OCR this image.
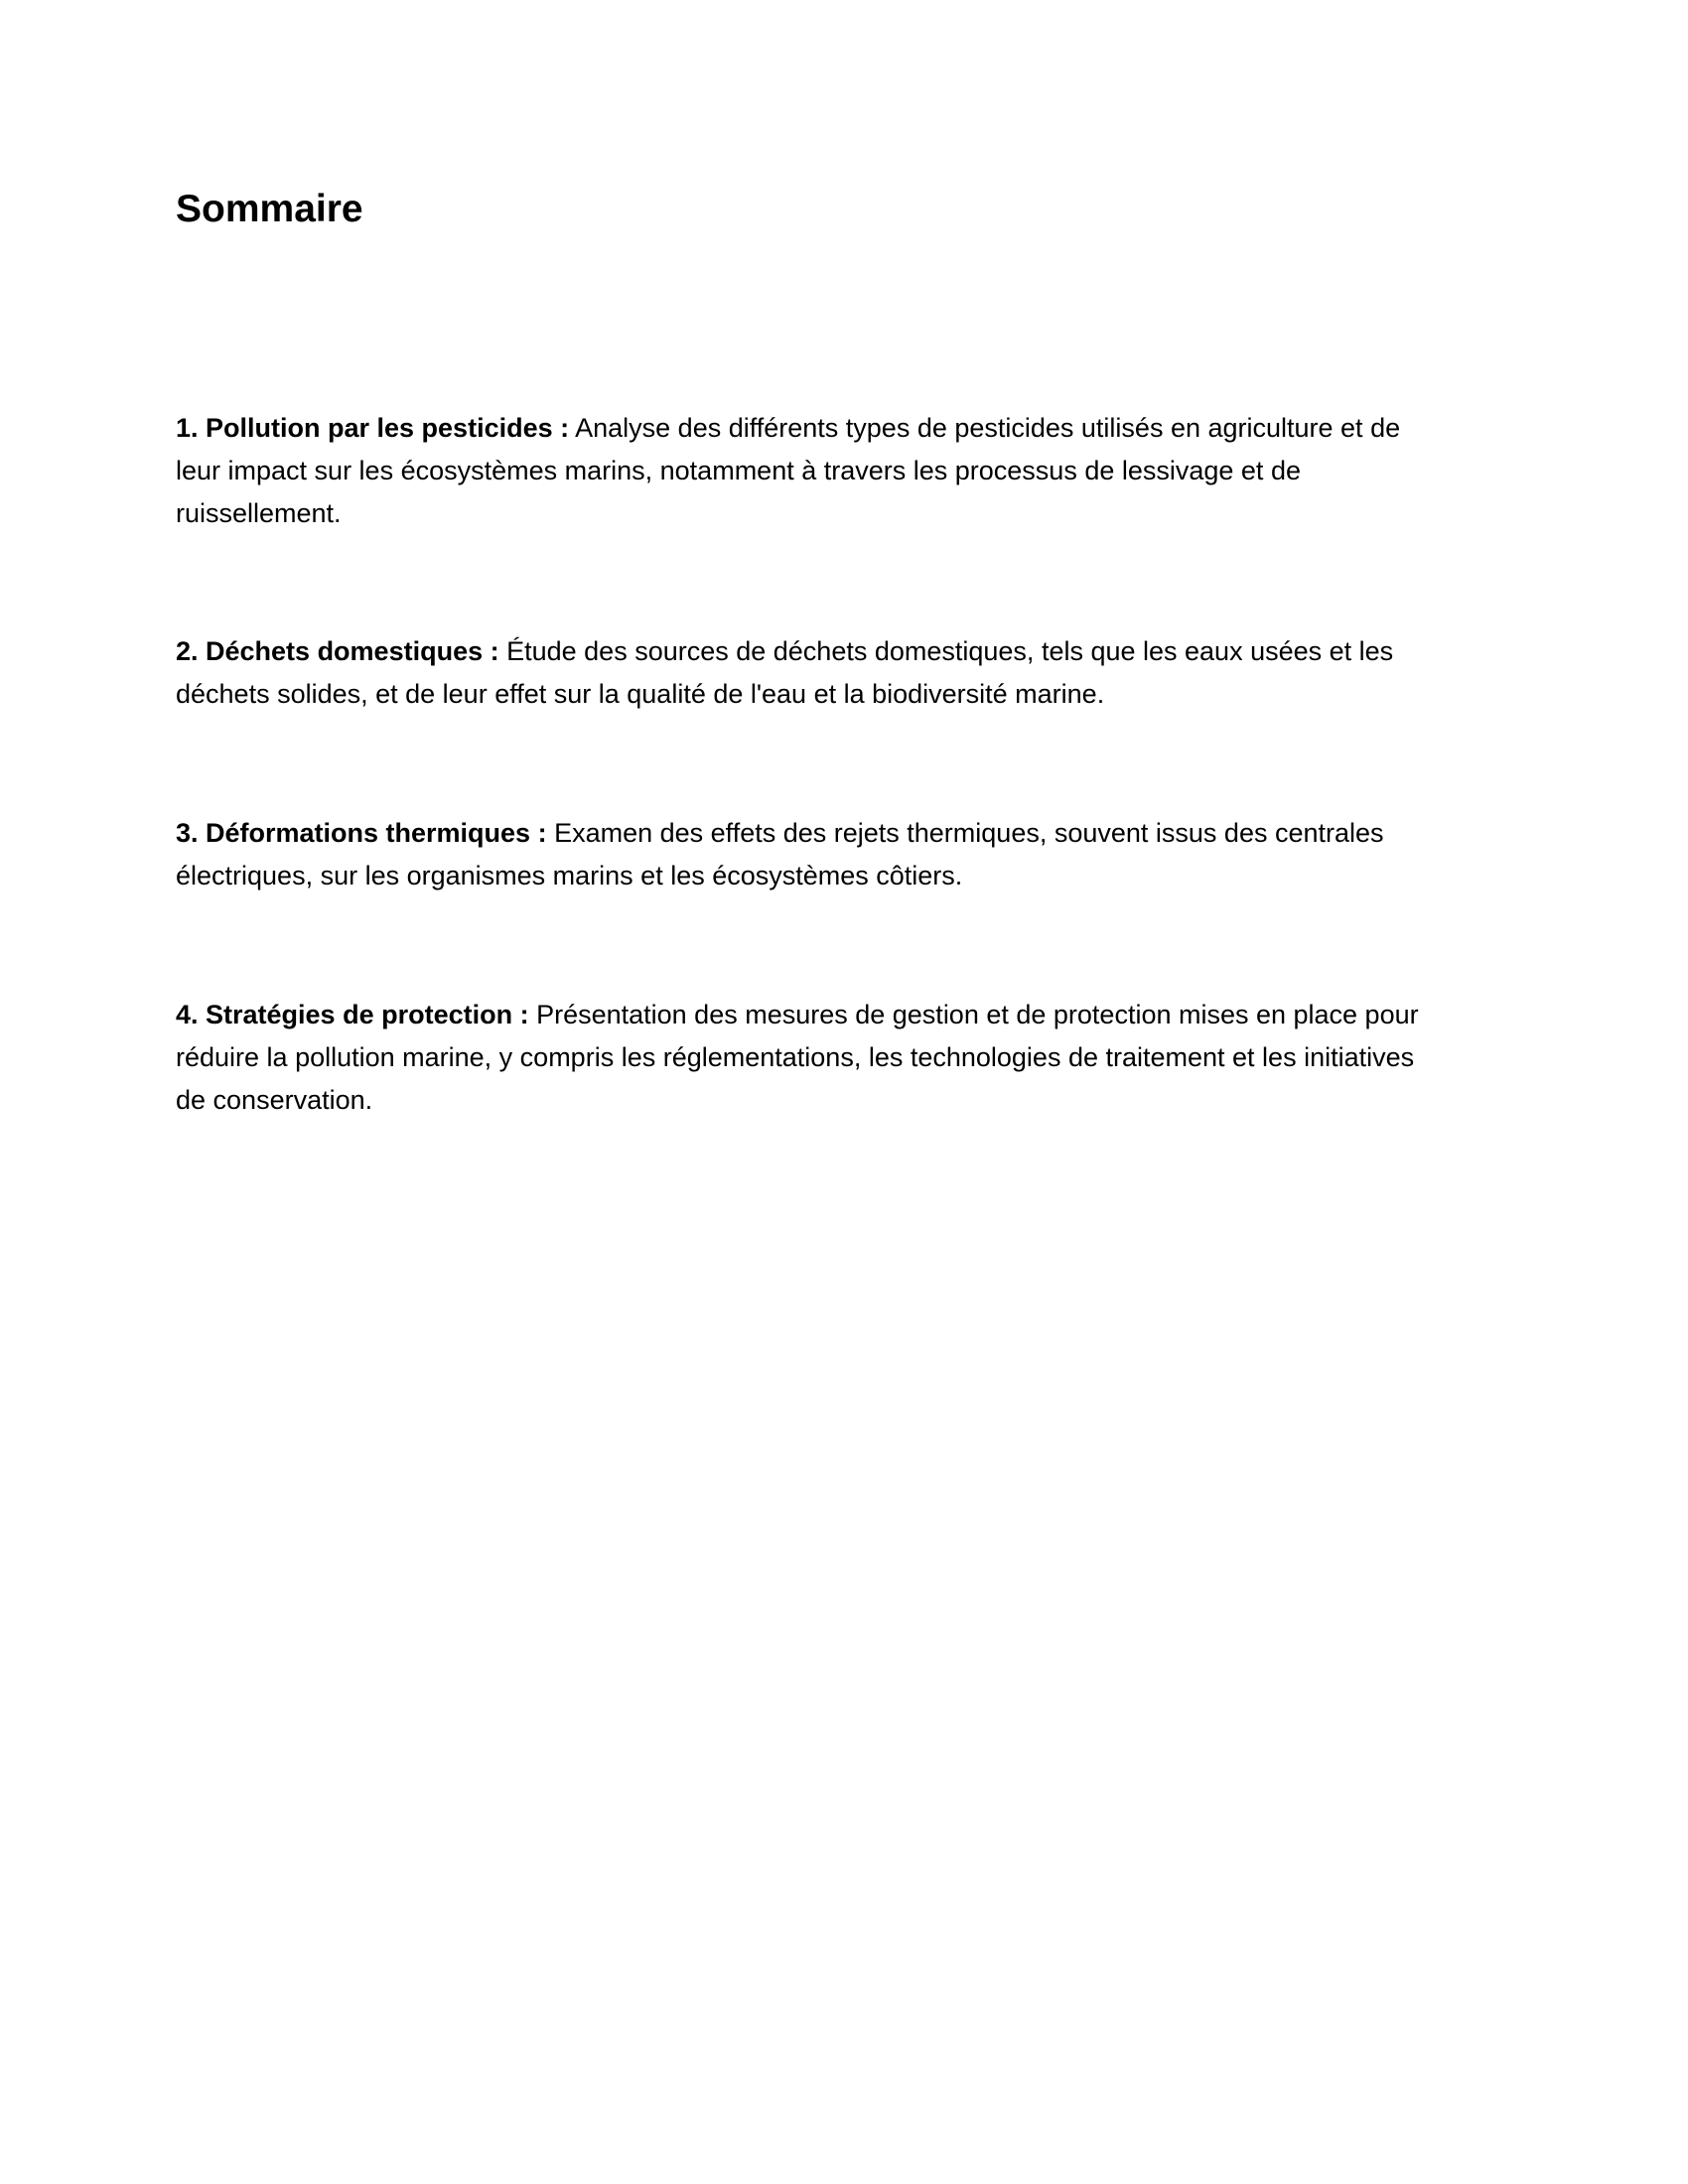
Sommaire

1. Pollution par les pesticides : Analyse des différents types de pesticides utilisés en agriculture et de leur impact sur les écosystèmes marins, notamment à travers les processus de lessivage et de ruissellement.

2. Déchets domestiques : Étude des sources de déchets domestiques, tels que les eaux usées et les déchets solides, et de leur effet sur la qualité de l'eau et la biodiversité marine.

3. Déformations thermiques : Examen des effets des rejets thermiques, souvent issus des centrales électriques, sur les organismes marins et les écosystèmes côtiers.

4. Stratégies de protection : Présentation des mesures de gestion et de protection mises en place pour réduire la pollution marine, y compris les réglementations, les technologies de traitement et les initiatives de conservation.
